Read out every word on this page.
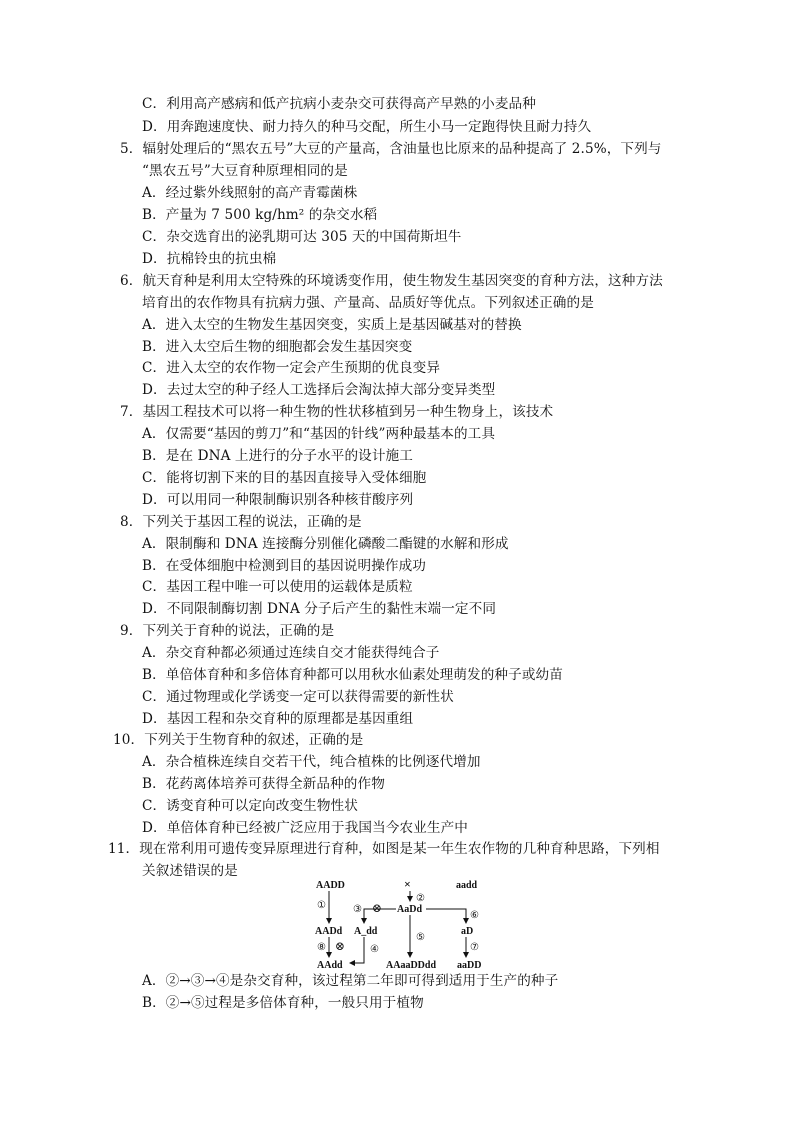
C．利用高产感病和低产抗病小麦杂交可获得高产早熟的小麦品种
D．用奔跑速度快、耐力持久的种马交配，所生小马一定跑得快且耐力持久
5．辐射处理后的“黑农五号”大豆的产量高，含油量也比原来的品种提高了 2.5%，下列与
“黑农五号”大豆育种原理相同的是
A．经过紫外线照射的高产青霉菌株
B．产量为 7 500 kg/hm² 的杂交水稻
C．杂交选育出的泌乳期可达 305 天的中国荷斯坦牛
D．抗棉铃虫的抗虫棉
6．航天育种是利用太空特殊的环境诱变作用，使生物发生基因突变的育种方法，这种方法
培育出的农作物具有抗病力强、产量高、品质好等优点。下列叙述正确的是
A．进入太空的生物发生基因突变，实质上是基因碱基对的替换
B．进入太空后生物的细胞都会发生基因突变
C．进入太空的农作物一定会产生预期的优良变异
D．去过太空的种子经人工选择后会淘汰掉大部分变异类型
7．基因工程技术可以将一种生物的性状移植到另一种生物身上，该技术
A．仅需要“基因的剪刀”和“基因的针线”两种最基本的工具
B．是在 DNA 上进行的分子水平的设计施工
C．能将切割下来的目的基因直接导入受体细胞
D．可以用同一种限制酶识别各种核苷酸序列
8．下列关于基因工程的说法，正确的是
A．限制酶和 DNA 连接酶分别催化磷酸二酯键的水解和形成
B．在受体细胞中检测到目的基因说明操作成功
C．基因工程中唯一可以使用的运载体是质粒
D．不同限制酶切割 DNA 分子后产生的黏性末端一定不同
9．下列关于育种的说法，正确的是
A．杂交育种都必须通过连续自交才能获得纯合子
B．单倍体育种和多倍体育种都可以用秋水仙素处理萌发的种子或幼苗
C．通过物理或化学诱变一定可以获得需要的新性状
D．基因工程和杂交育种的原理都是基因重组
10．下列关于生物育种的叙述，正确的是
A．杂合植株连续自交若干代，纯合植株的比例逐代增加
B．花药离体培养可获得全新品种的作物
C．诱变育种可以定向改变生物性状
D．单倍体育种已经被广泛应用于我国当今农业生产中
11．现在常利用可遗传变异原理进行育种，如图是某一年生农作物的几种育种思路，下列相
关叙述错误的是
AADD	×	aadd
AaDd
AADd A_dd	aD
AAdd	AAaaDDdd aaDD
①
②
③ ⊗
④
⑤
⑥
⑦
⑧ ⊗
A．②→③→④是杂交育种，该过程第二年即可得到适用于生产的种子
B．②→⑤过程是多倍体育种，一般只用于植物
